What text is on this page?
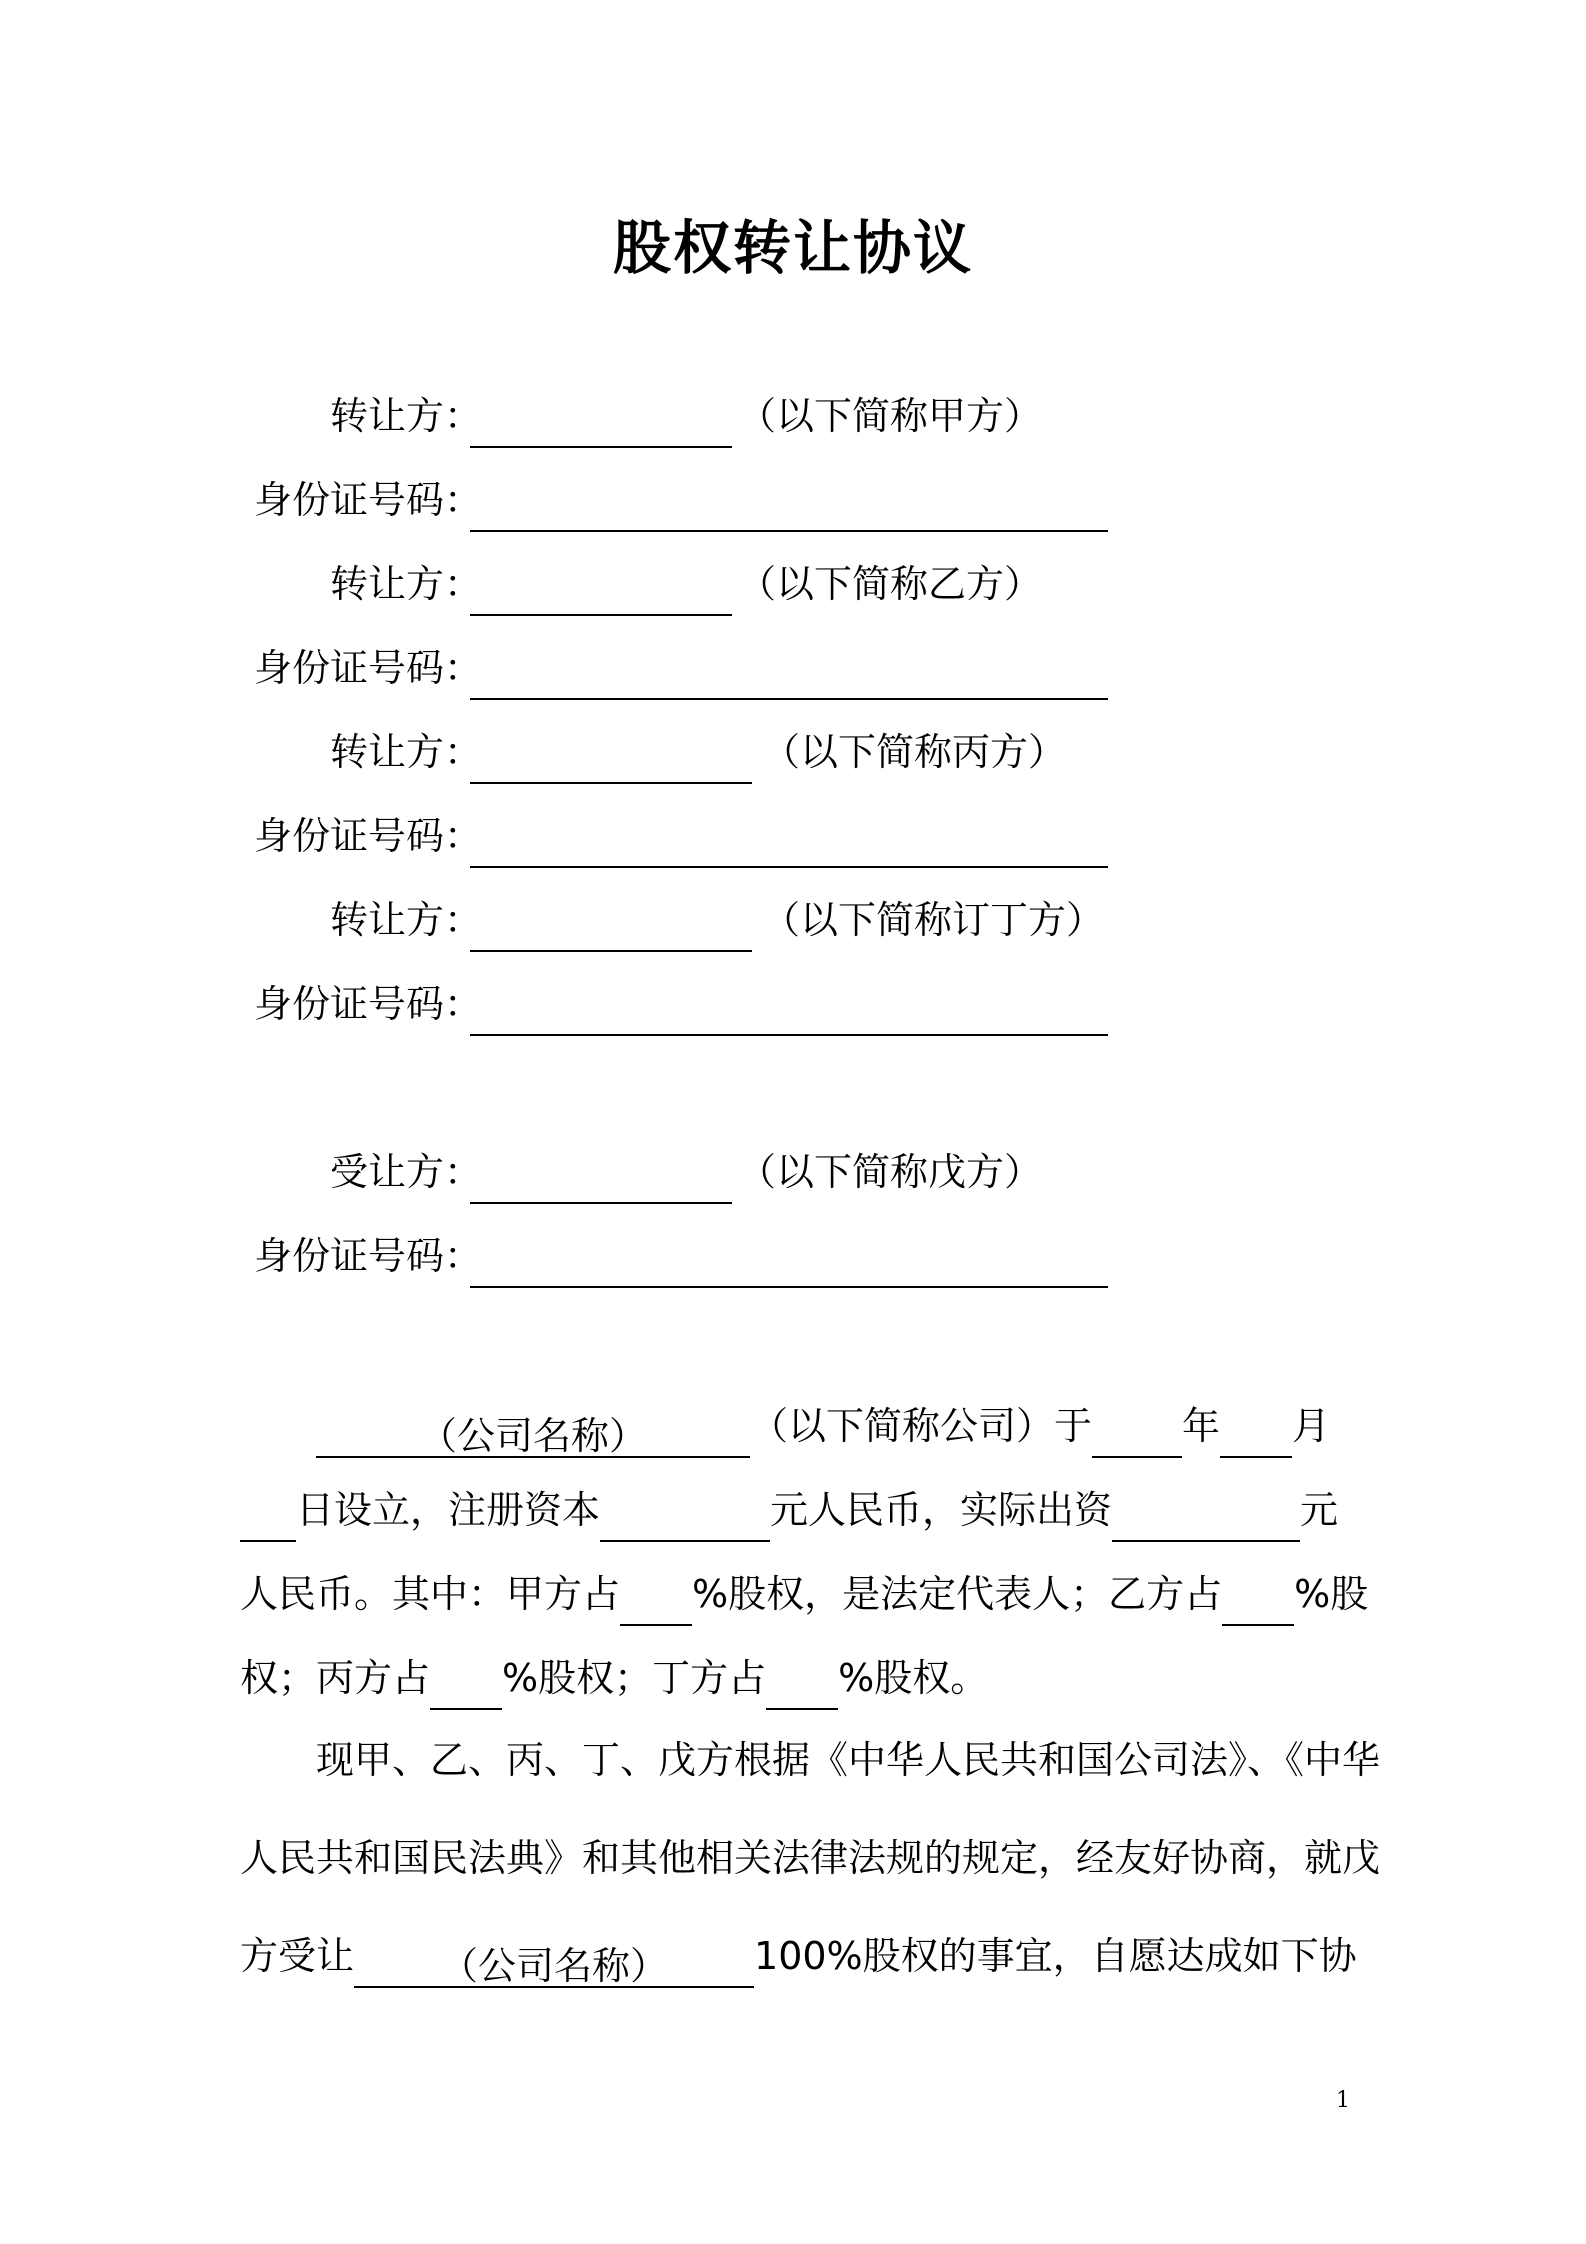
股权转让协议
转让方：	（以下简称甲方）
身份证号码：
转让方：	（以下简称乙方）
身份证号码：
转让方：	（以下简称丙方）
身份证号码：
转让方：	（以下简称订丁方）
身份证号码：
受让方：	（以下简称戊方）
身份证号码：
（公司名称）	（以下简称公司）于 年 月
日设立，注册资本	元人民币，实际出资	元
人民币。其中：甲方占 %股权，是法定代表人；乙方占 %股
权；丙方占 %股权；丁方占 %股权。
现甲、乙、丙、丁、戊方根据《中华人民共和国公司法》、《中华
人民共和国民法典》和其他相关法律法规的规定，经友好协商，就戊
方受让 （公司名称） 100%股权的事宜，自愿达成如下协
1
